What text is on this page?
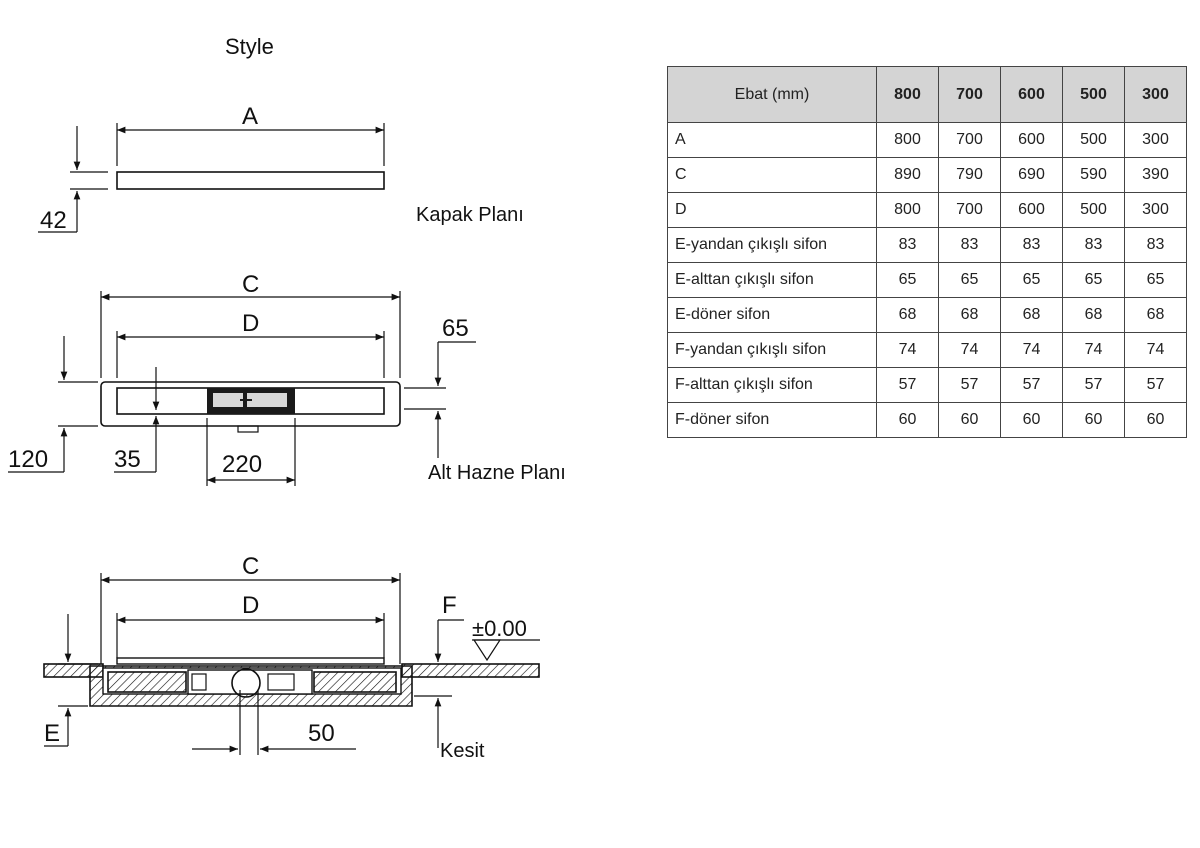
Style
A
42	Kapak Planı
C
D
120	35	220
65
Alt Hazne Planı
C
D
E	50
F
±0.00
Kesit
Ebat (mm)	800	700	600	500	300
A	800	700	600	500	300
C	890	790	690	590	390
D	800	700	600	500	300
E-yandan çıkışlı sifon	83	83	83	83	83
E-alttan çıkışlı sifon	65	65	65	65	65
E-döner sifon	68	68	68	68	68
F-yandan çıkışlı sifon	74	74	74	74	74
F-alttan çıkışlı sifon	57	57	57	57	57
F-döner sifon	60	60	60	60	60
